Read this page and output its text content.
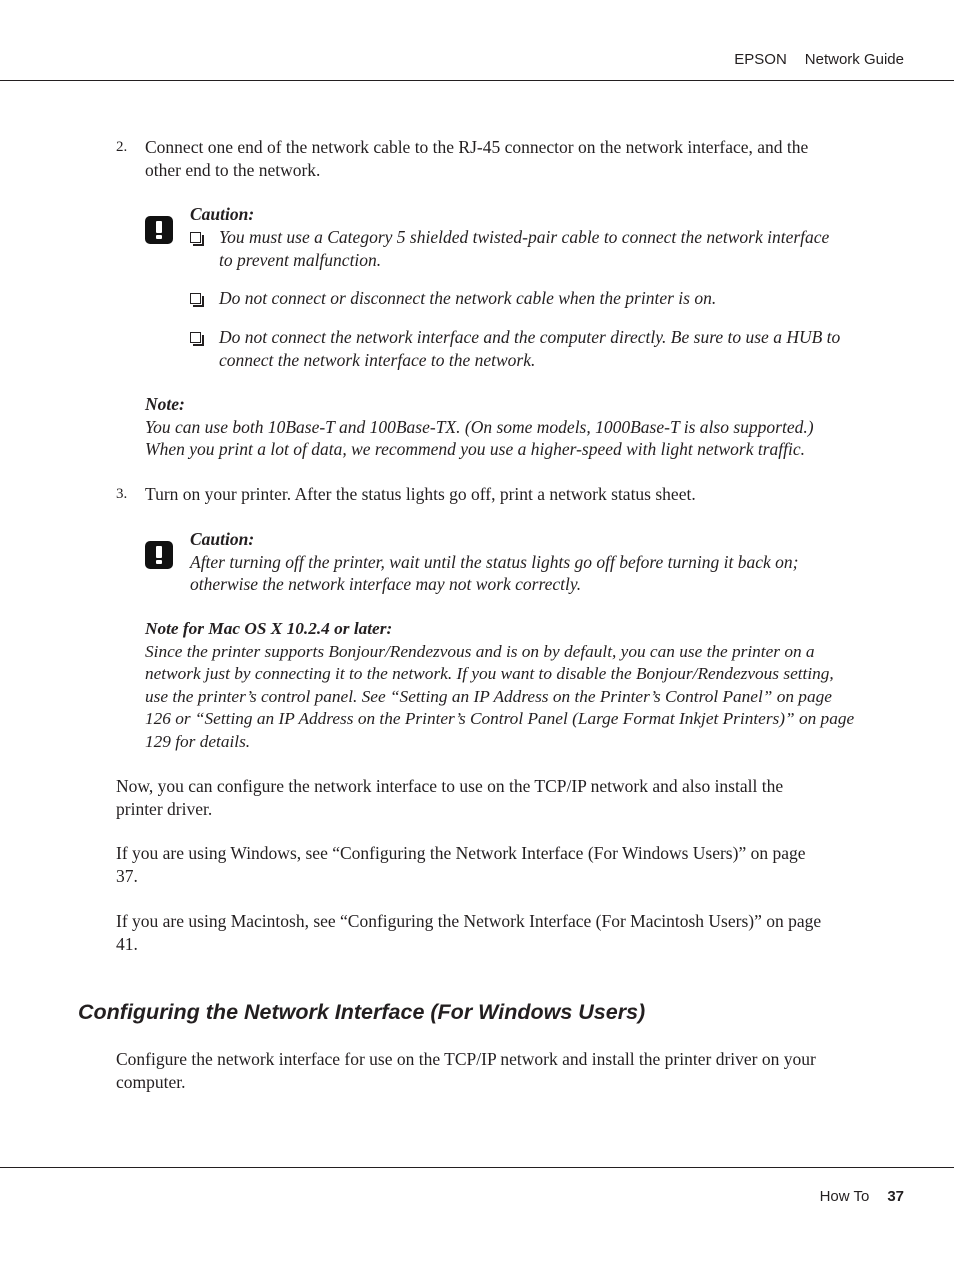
EPSON Network Guide
2. Connect one end of the network cable to the RJ-45 connector on the network interface, and the
other end to the network.
Caution:
You must use a Category 5 shielded twisted-pair cable to connect the network interface
to prevent malfunction.
Do not connect or disconnect the network cable when the printer is on.
Do not connect the network interface and the computer directly. Be sure to use a HUB to
connect the network interface to the network.
Note:
You can use both 10Base-T and 100Base-TX. (On some models, 1000Base-T is also supported.)
When you print a lot of data, we recommend you use a higher-speed with light network traffic.
3. Turn on your printer. After the status lights go off, print a network status sheet.
Caution:
After turning off the printer, wait until the status lights go off before turning it back on;
otherwise the network interface may not work correctly.
Note for Mac OS X 10.2.4 or later:
Since the printer supports Bonjour/Rendezvous and is on by default, you can use the printer on a
network just by connecting it to the network. If you want to disable the Bonjour/Rendezvous setting,
use the printer’s control panel. See “Setting an IP Address on the Printer’s Control Panel” on page
126 or “Setting an IP Address on the Printer’s Control Panel (Large Format Inkjet Printers)” on page
129 for details.
Now, you can configure the network interface to use on the TCP/IP network and also install the
printer driver.
If you are using Windows, see “Configuring the Network Interface (For Windows Users)” on page
37.
If you are using Macintosh, see “Configuring the Network Interface (For Macintosh Users)” on page
41.
Configuring the Network Interface (For Windows Users)
Configure the network interface for use on the TCP/IP network and install the printer driver on your
computer.
How To 37
